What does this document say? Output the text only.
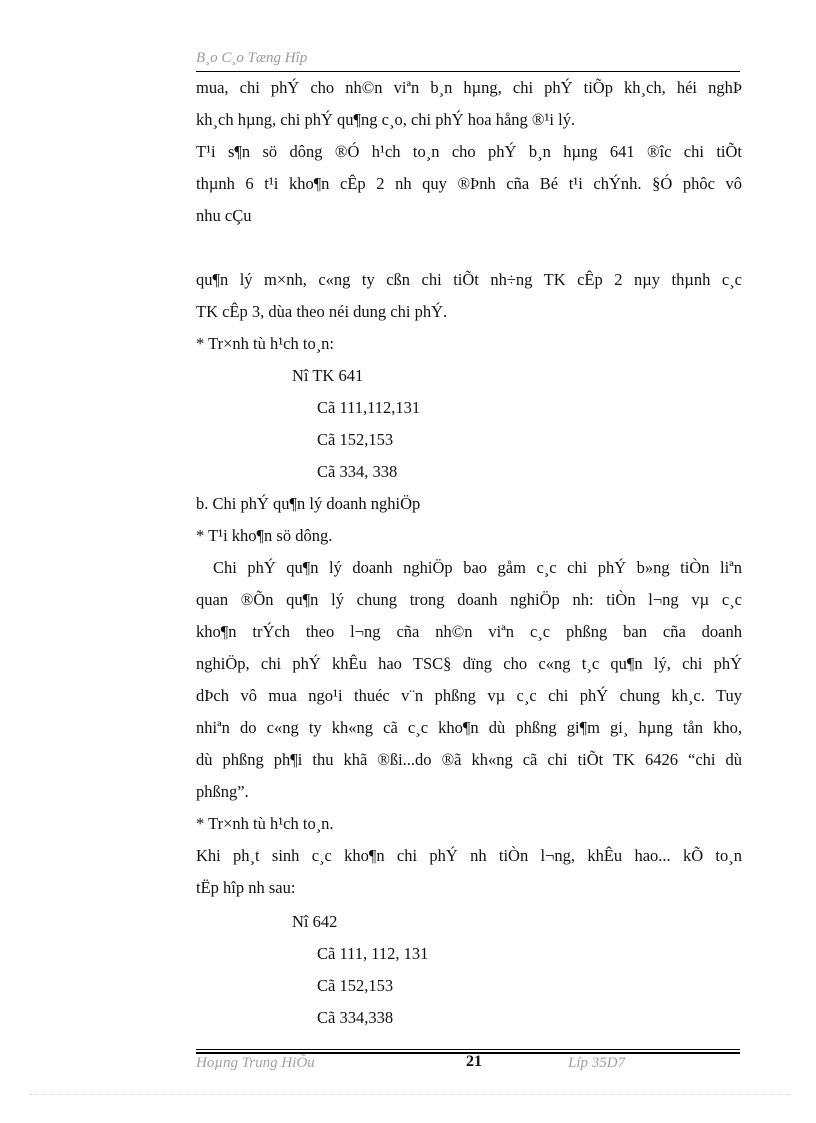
B¸o C¸o Tæng Hîp
mua, chi phÝ cho nh©n viªn b¸n hµng, chi phÝ tiÕp kh¸ch, héi nghÞ
kh¸ch hµng, chi phÝ qu¶ng c¸o, chi phÝ hoa hång ®¹i lý.
T¹i s¶n sö dông ®Ó h¹ch to¸n cho phÝ b¸n hµng 641 ®îc chi tiÕt
thµnh 6 t¹i kho¶n cÊp 2 nh quy ®Þnh cña Bé t¹i chÝnh. §Ó phôc vô
nhu cÇu
qu¶n lý m×nh, c«ng ty cßn chi tiÕt nh÷ng TK cÊp 2 nµy thµnh c¸c
TK cÊp 3, dùa theo néi dung chi phÝ.
* Tr×nh tù h¹ch to¸n:
Nî TK 641
Cã 111,112,131
Cã 152,153
Cã 334, 338
b. Chi phÝ qu¶n lý doanh nghiÖp
* T¹i kho¶n sö dông.
Chi phÝ qu¶n lý doanh nghiÖp bao gåm c¸c chi phÝ b»ng tiÒn liªn
quan ®Õn qu¶n lý chung trong doanh nghiÖp nh: tiÒn l¬ng vµ c¸c
kho¶n trÝch theo l¬ng cña nh©n viªn c¸c phßng ban cña doanh
nghiÖp, chi phÝ khÊu hao TSC§ dïng cho c«ng t¸c qu¶n lý, chi phÝ
dÞch vô mua ngo¹i thuéc v¨n phßng vµ c¸c chi phÝ chung kh¸c. Tuy
nhiªn do c«ng ty kh«ng cã c¸c kho¶n dù phßng gi¶m gi¸ hµng tån kho,
dù phßng ph¶i thu khã ®ßi...do ®ã kh«ng cã chi tiÕt TK 6426 “chi dù
phßng”.
* Tr×nh tù h¹ch to¸n.
Khi ph¸t sinh c¸c kho¶n chi phÝ nh tiÒn l¬ng, khÊu hao... kÕ to¸n
tËp hîp nh sau:
Nî 642
Cã 111, 112, 131
Cã 152,153
Cã 334,338
Hoµng Trung HiÕu	21	Líp 35D7
